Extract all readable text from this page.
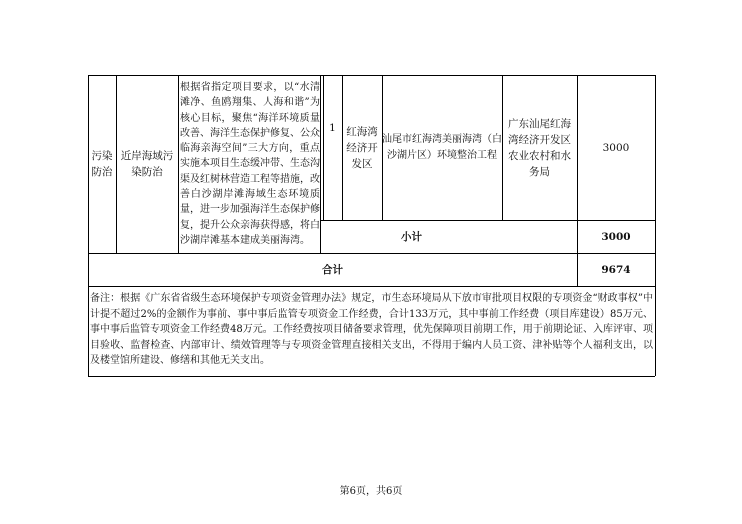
污染
防治
近岸海域污
染防治
根据省指定项目要求，以“水清滩净、鱼鸥翔集、人海和谐”为核心目标，聚焦“海洋环境质量改善、海洋生态保护修复、公众临海亲海空间”三大方向，重点实施本项目生态缓冲带、生态沟渠及红树林营造工程等措施，改善白沙湖岸滩海域生态环境质量，进一步加强海洋生态保护修复，提升公众亲海获得感，将白沙湖岸滩基本建成美丽海湾。
1 红海湾
经济开
发区
汕尾市红海湾美丽海湾（白
沙湖片区）环境整治工程
广东汕尾红海
湾经济开发区
农业农村和水
务局
3000
小计	3000
合计	9674
备注：根据《广东省省级生态环境保护专项资金管理办法》规定，市生态环境局从下放市审批项目权限的专项资金“财政事权”中计提不超过2%的金额作为事前、事中事后监管专项资金工作经费，合计133万元，其中事前工作经费（项目库建设）85万元、事中事后监管专项资金工作经费48万元。工作经费按项目储备要求管理，优先保障项目前期工作，用于前期论证、入库评审、项目验收、监督检查、内部审计、绩效管理等与专项资金管理直接相关支出，不得用于编内人员工资、津补贴等个人福利支出，以及楼堂馆所建设、修缮和其他无关支出。
第6页，共6页
